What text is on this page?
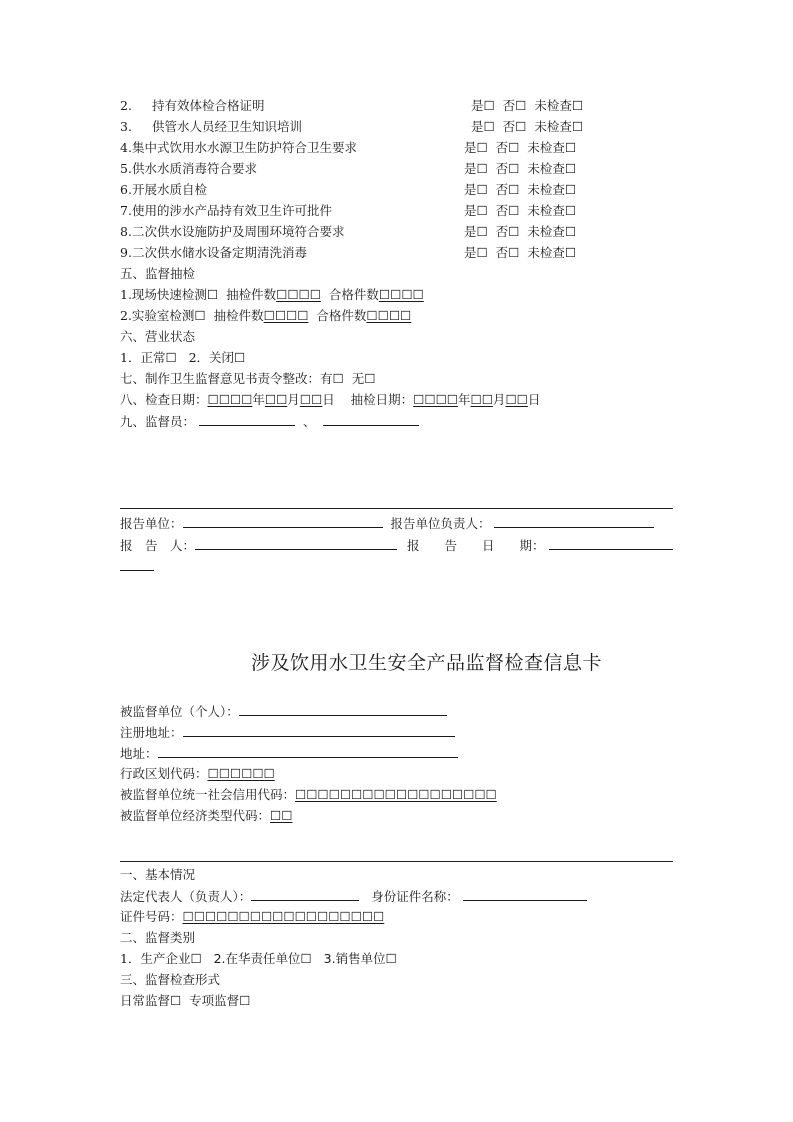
2. 持有效体检合格证明	是☐ 否☐ 未检查☐
3. 供管水人员经卫生知识培训	是☐ 否☐ 未检查☐
4.集中式饮用水水源卫生防护符合卫生要求	是☐ 否☐ 未检查☐
5.供水水质消毒符合要求	是☐ 否☐ 未检查☐
6.开展水质自检	是☐ 否☐ 未检查☐
7.使用的涉水产品持有效卫生许可批件	是☐ 否☐ 未检查☐
8.二次供水设施防护及周围环境符合要求	是☐ 否☐ 未检查☐
9.二次供水储水设备定期清洗消毒	是☐ 否☐ 未检查☐
五、监督抽检
1.现场快速检测☐ 抽检件数☐☐☐☐ 合格件数☐☐☐☐
2.实验室检测☐ 抽检件数☐☐☐☐ 合格件数☐☐☐☐
六、营业状态
1．正常☐ 2．关闭☐
七、制作卫生监督意见书责令整改：有☐ 无☐
八、检查日期：☐☐☐☐年☐☐月☐☐日 抽检日期：☐☐☐☐年☐☐月☐☐日
九、监督员：	、
报告单位：	报告单位负责人：
报　告　人：	报　　告　　日　　期：
涉及饮用水卫生安全产品监督检查信息卡
被监督单位（个人）：
注册地址：
地址：
行政区划代码：☐☐☐☐☐☐
被监督单位统一社会信用代码：☐☐☐☐☐☐☐☐☐☐☐☐☐☐☐☐☐☐
被监督单位经济类型代码：☐☐
一、基本情况
法定代表人（负责人）：	身份证件名称：
证件号码：☐☐☐☐☐☐☐☐☐☐☐☐☐☐☐☐☐☐
二、监督类别
1．生产企业☐ 2.在华责任单位☐ 3.销售单位☐
三、监督检查形式
日常监督☐ 专项监督☐
